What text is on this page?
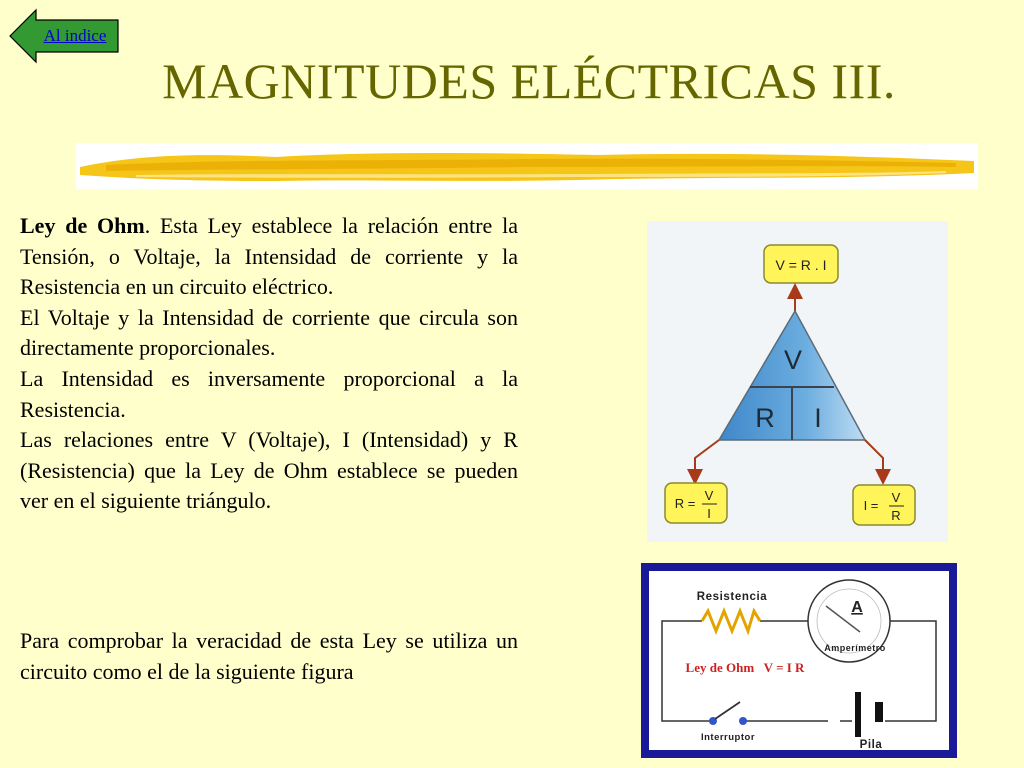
Al indice
MAGNITUDES ELÉCTRICAS III.

Ley de Ohm. Esta Ley establece la relación entre la Tensión, o Voltaje, la Intensidad de corriente y la Resistencia en un circuito eléctrico.

El Voltaje y la Intensidad de corriente que circula son directamente proporcionales.

La Intensidad es inversamente proporcional a la Resistencia.

Las relaciones entre V (Voltaje), I (Intensidad) y R (Resistencia) que la Ley de Ohm establece se pueden ver en el siguiente triángulo.

Para comprobar la veracidad de esta Ley se utiliza un circuito como el de la siguiente figura

V = R . I
V
R I
R =
V
I
I =
V
R
Resistencia
A
Amperímetro
Ley de Ohm   V = I R
Interruptor
Pila
